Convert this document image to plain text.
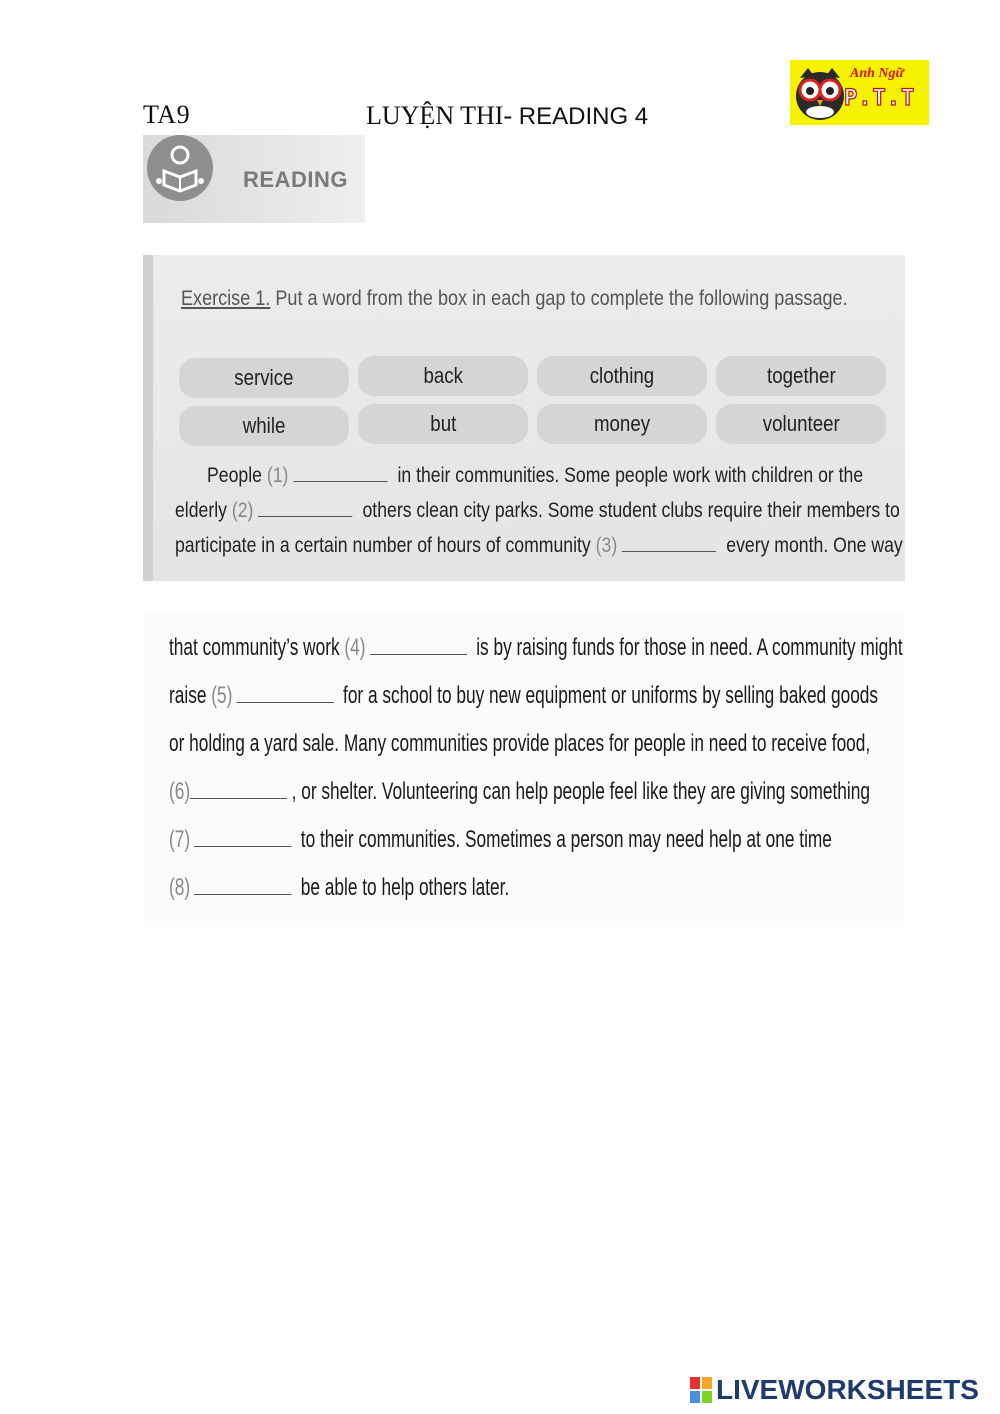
TA9	LUYỆN THI- READING 4
Anh Ngữ
P.T.T
READING
Exercise 1. Put a word from the box in each gap to complete the following passage.
service	back	clothing	together
while	but	money	volunteer
People (1)	in their communities. Some people work with children or the
elderly (2)	others clean city parks. Some student clubs require their members to
participate in a certain number of hours of community (3)	every month. One way
that community’s work (4)	is by raising funds for those in need. A community might
raise (5)	for a school to buy new equipment or uniforms by selling baked goods
or holding a yard sale. Many communities provide places for people in need to receive food,
(6)	, or shelter. Volunteering can help people feel like they are giving something
(7)	to their communities. Sometimes a person may need help at one time
(8)	be able to help others later.
LIVEWORKSHEETS
